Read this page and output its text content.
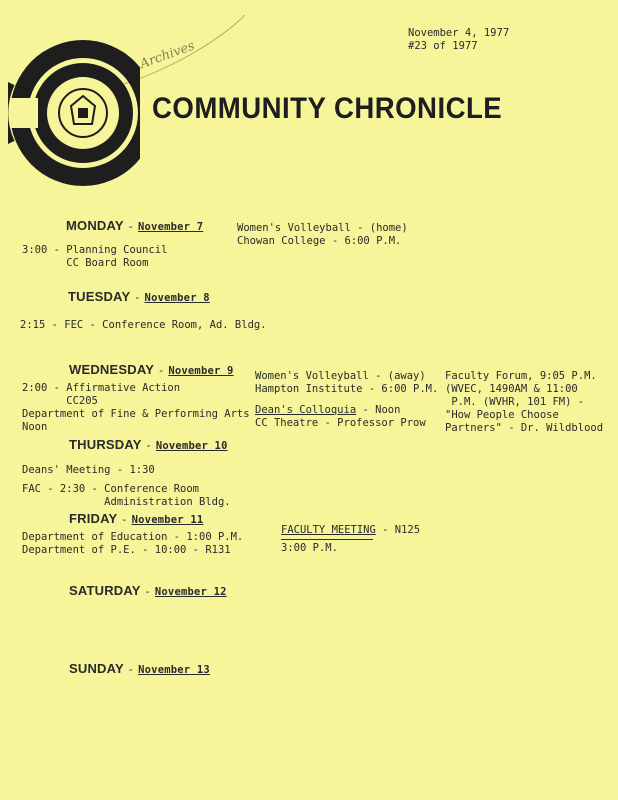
Archives
November 4, 1977
#23 of 1977
COMMUNITY CHRONICLE
MONDAY - November 7
3:00 - Planning Council
CC Board Room
Women's Volleyball - (home)
Chowan College - 6:00 P.M.
TUESDAY - November 8
2:15 - FEC - Conference Room, Ad. Bldg.
WEDNESDAY - November 9
2:00 - Affirmative Action
CC205
Department of Fine & Performing Arts
Noon
Women's Volleyball - (away)
Hampton Institute - 6:00 P.M.
Dean's Colloquia - Noon
CC Theatre - Professor Prow
Faculty Forum, 9:05 P.M.
(WVEC, 1490AM & 11:00
P.M. (WVHR, 101 FM) -
"How People Choose
Partners" - Dr. Wildblood
THURSDAY - November 10
Deans' Meeting - 1:30
FAC - 2:30 - Conference Room
Administration Bldg.
FRIDAY - November 11
Department of Education - 1:00 P.M.
Department of P.E. - 10:00 - R131
FACULTY MEETING - N125
3:00 P.M.
SATURDAY - November 12
SUNDAY - November 13
